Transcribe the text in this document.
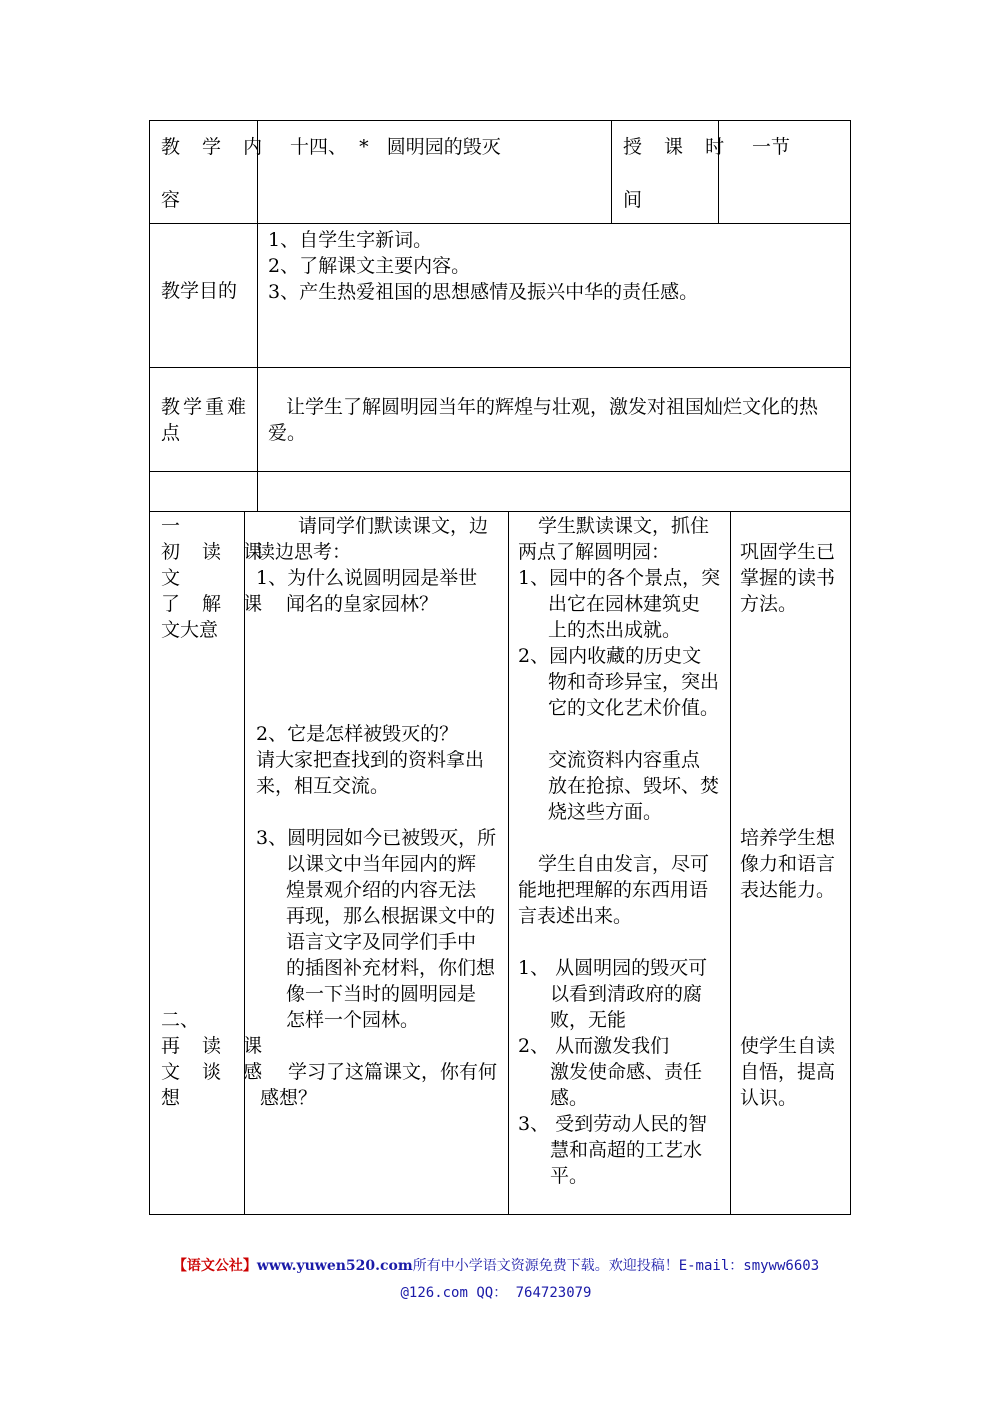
教 学 内
容
十四、  *   圆明园的毁灭	授 课 时
间
一节
教学目的
1、自学生字新词。
2、了解课文主要内容。
3、产生热爱祖国的思想感情及振兴中华的责任感。
教学重难
点
让学生了解圆明园当年的辉煌与壮观，激发对祖国灿烂文化的热
爱。
一
初 读 课
文
了 解 课
文大意
二、
再 读 课
文 谈 感
想
请同学们默读课文，边
读边思考：
1、为什么说圆明园是举世
闻名的皇家园林？
2、它是怎样被毁灭的？
请大家把查找到的资料拿出
来，相互交流。
3、圆明园如今已被毁灭，所
以课文中当年园内的辉
煌景观介绍的内容无法
再现，那么根据课文中的
语言文字及同学们手中
的插图补充材料，你们想
像一下当时的圆明园是
怎样一个园林。
学习了这篇课文，你有何
感想？
学生默读课文，抓住
两点了解圆明园：
1、园中的各个景点，突
出它在园林建筑史
上的杰出成就。
2、园内收藏的历史文
物和奇珍异宝，突出
它的文化艺术价值。
交流资料内容重点
放在抢掠、毁坏、焚
烧这些方面。
学生自由发言，尽可
能地把理解的东西用语
言表述出来。
1、 从圆明园的毁灭可
以看到清政府的腐
败，无能
2、 从而激发我们
激发使命感、责任
感。
3、 受到劳动人民的智
慧和高超的工艺水
平。
巩固学生已
掌握的读书
方法。
培养学生想
像力和语言
表达能力。
使学生自读
自悟，提高
认识。
【语文公社】www.yuwen520.com所有中小学语文资源免费下载。欢迎投稿！E-mail：smyww6603
@126.com QQ： 764723079
